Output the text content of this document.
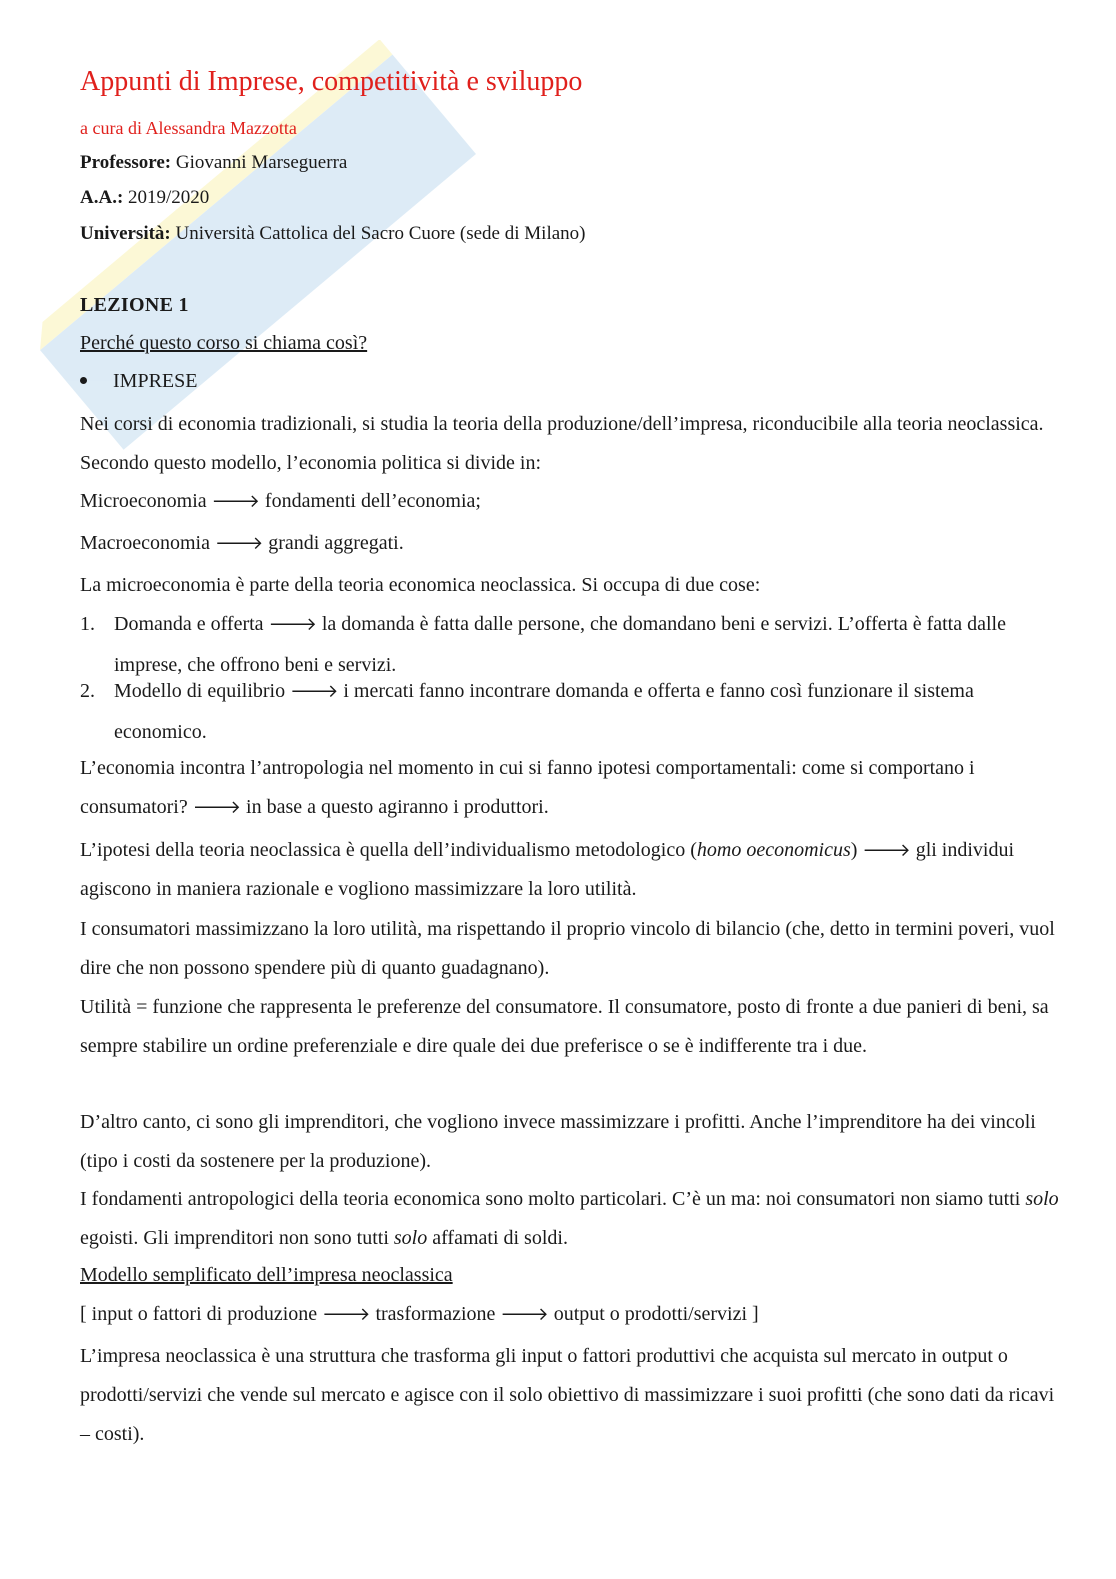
Appunti di Imprese, competitività e sviluppo
a cura di Alessandra Mazzotta
Professore: Giovanni Marseguerra
A.A.: 2019/2020
Università: Università Cattolica del Sacro Cuore (sede di Milano)
LEZIONE 1
Perché questo corso si chiama così?
IMPRESE
Nei corsi di economia tradizionali, si studia la teoria della produzione/dell’impresa, riconducibile alla teoria neoclassica. Secondo questo modello, l’economia politica si divide in:
Microeconomia 🡒 fondamenti dell’economia;
Macroeconomia 🡒 grandi aggregati.
La microeconomia è parte della teoria economica neoclassica. Si occupa di due cose:
1. Domanda e offerta 🡒 la domanda è fatta dalle persone, che domandano beni e servizi. L’offerta è fatta dalle imprese, che offrono beni e servizi.
2. Modello di equilibrio 🡒 i mercati fanno incontrare domanda e offerta e fanno così funzionare il sistema economico.
L’economia incontra l’antropologia nel momento in cui si fanno ipotesi comportamentali: come si comportano i consumatori? 🡒 in base a questo agiranno i produttori.
L’ipotesi della teoria neoclassica è quella dell’individualismo metodologico (homo oeconomicus) 🡒 gli individui agiscono in maniera razionale e vogliono massimizzare la loro utilità.
I consumatori massimizzano la loro utilità, ma rispettando il proprio vincolo di bilancio (che, detto in termini poveri, vuol dire che non possono spendere più di quanto guadagnano).
Utilità = funzione che rappresenta le preferenze del consumatore. Il consumatore, posto di fronte a due panieri di beni, sa sempre stabilire un ordine preferenziale e dire quale dei due preferisce o se è indifferente tra i due.
D’altro canto, ci sono gli imprenditori, che vogliono invece massimizzare i profitti. Anche l’imprenditore ha dei vincoli (tipo i costi da sostenere per la produzione).
I fondamenti antropologici della teoria economica sono molto particolari. C’è un ma: noi consumatori non siamo tutti solo egoisti. Gli imprenditori non sono tutti solo affamati di soldi.
Modello semplificato dell’impresa neoclassica
[ input o fattori di produzione 🡒 trasformazione 🡒 output o prodotti/servizi ]
L’impresa neoclassica è una struttura che trasforma gli input o fattori produttivi che acquista sul mercato in output o prodotti/servizi che vende sul mercato e agisce con il solo obiettivo di massimizzare i suoi profitti (che sono dati da ricavi – costi).
